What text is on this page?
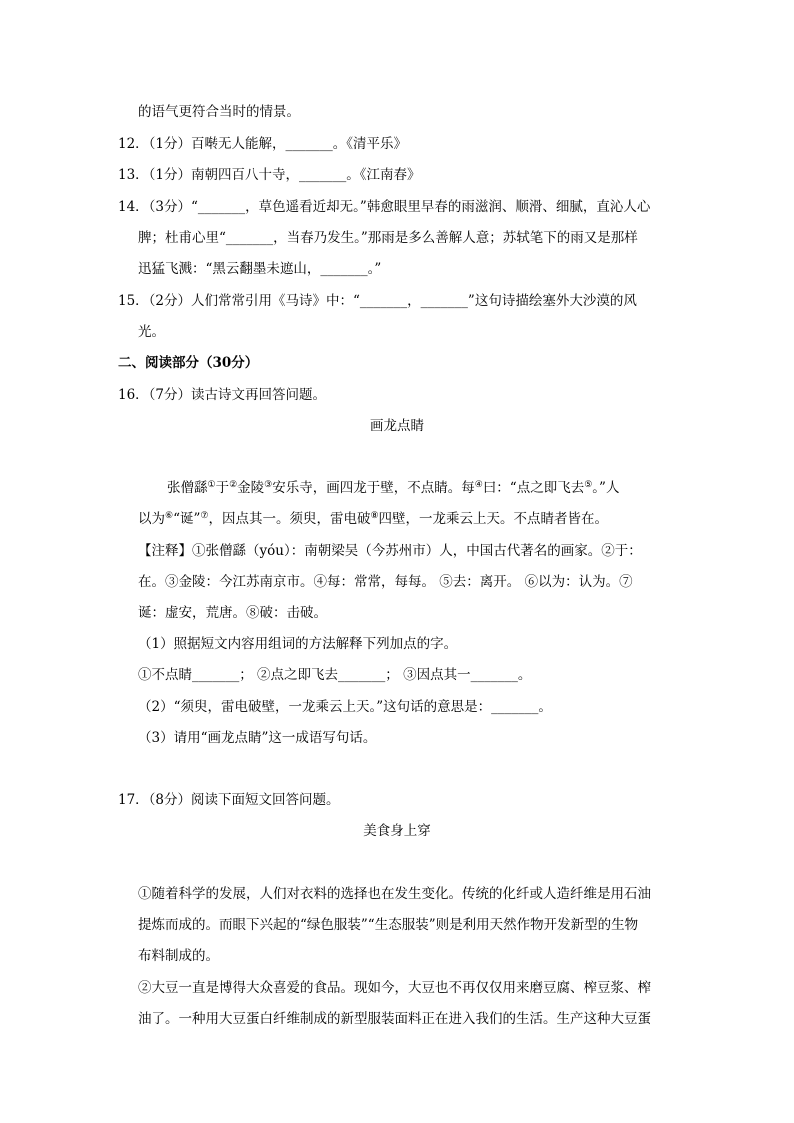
的语气更符合当时的情景。
12．（1分）百啭无人能解，_______。《清平乐》
13．（1分）南朝四百八十寺，_______。《江南春》
14．（3分）“_______，草色遥看近却无。”韩愈眼里早春的雨滋润、顺滑、细腻，直沁人心
脾；杜甫心里“_______，当春乃发生。”那雨是多么善解人意；苏轼笔下的雨又是那样
迅猛飞溅：“黑云翻墨未遮山，_______。”
15．（2分）人们常常引用《马诗》中：“_______，_______”这句诗描绘塞外大沙漠的风
光。
二、阅读部分（30分）
16．（7分）读古诗文再回答问题。
画龙点睛
张僧繇①于②金陵③安乐寺，画四龙于壁，不点睛。每④曰：“点之即飞去⑤。”人
以为⑥“诞”⑦，因点其一。须臾，雷电破⑧四壁，一龙乘云上天。不点睛者皆在。
【注释】①张僧繇（yóu）：南朝梁吴（今苏州市）人，中国古代著名的画家。②于：
在。③金陵：今江苏南京市。④每：常常，每每。 ⑤去：离开。 ⑥以为：认为。⑦
诞：虚安，荒唐。⑧破：击破。
（1）照据短文内容用组词的方法解释下列加点的字。
①不点睛_______； ②点之即飞去_______； ③因点其一_______。
（2）“须臾，雷电破壁，一龙乘云上天。”这句话的意思是：_______。
（3）请用“画龙点睛”这一成语写句话。
17．（8分）阅读下面短文回答问题。
美食身上穿
①随着科学的发展，人们对衣料的选择也在发生变化。传统的化纤或人造纤维是用石油
提炼而成的。而眼下兴起的“绿色服装”“生态服装”则是利用天然作物开发新型的生物
布料制成的。
②大豆一直是博得大众喜爱的食品。现如今，大豆也不再仅仅用来磨豆腐、榨豆浆、榨
油了。一种用大豆蛋白纤维制成的新型服装面料正在进入我们的生活。生产这种大豆蛋
